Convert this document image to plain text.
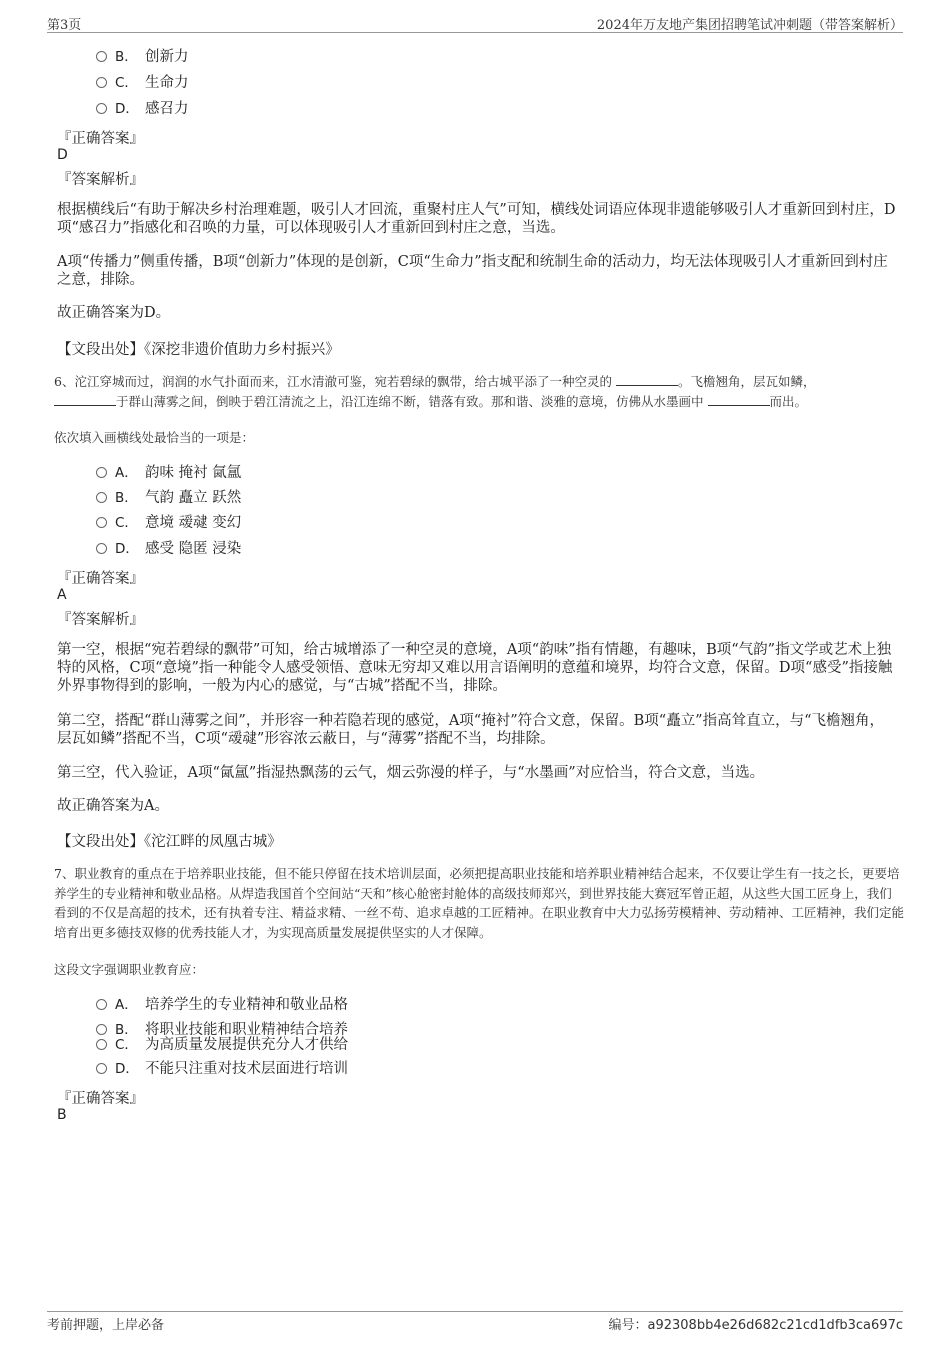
第3页	2024年万友地产集团招聘笔试冲刺题（带答案解析）
B． 创新力
C． 生命力
D． 感召力
『正确答案』
D
『答案解析』

根据横线后“有助于解决乡村治理难题，吸引人才回流，重聚村庄人气”可知，横线处词语应体现非遗能够吸引人才重新回到村庄，D项“感召力”指感化和召唤的力量，可以体现吸引人才重新回到村庄之意，当选。

A项“传播力”侧重传播，B项“创新力”体现的是创新，C项“生命力”指支配和统制生命的活动力，均无法体现吸引人才重新回到村庄之意，排除。

故正确答案为D。

【文段出处】《深挖非遗价值助力乡村振兴》

6、沱江穿城而过，润润的水气扑面而来，江水清澈可鉴，宛若碧绿的飘带，给古城平添了一种空灵的	。飞檐翘角，层瓦如鳞，
于群山薄雾之间，倒映于碧江清流之上，沿江连绵不断，错落有致。那和谐、淡雅的意境，仿佛从水墨画中	而出。

依次填入画横线处最恰当的一项是：
A． 韵味 掩衬 氤氲
B． 气韵 矗立 跃然
C． 意境 叆叇 变幻
D． 感受 隐匿 浸染
『正确答案』
A
『答案解析』

第一空，根据“宛若碧绿的飘带”可知，给古城增添了一种空灵的意境，A项“韵味”指有情趣，有趣味，B项“气韵”指文学或艺术上独特的风格，C项“意境”指一种能令人感受领悟、意味无穷却又难以用言语阐明的意蕴和境界，均符合文意，保留。D项“感受”指接触外界事物得到的影响，一般为内心的感觉，与“古城”搭配不当，排除。

第二空，搭配“群山薄雾之间”，并形容一种若隐若现的感觉，A项“掩衬”符合文意，保留。B项“矗立”指高耸直立，与“飞檐翘角，层瓦如鳞”搭配不当，C项“叆叇”形容浓云蔽日，与“薄雾”搭配不当，均排除。

第三空，代入验证，A项“氤氲”指湿热飘荡的云气，烟云弥漫的样子，与“水墨画”对应恰当，符合文意，当选。

故正确答案为A。

【文段出处】《沱江畔的凤凰古城》

7、职业教育的重点在于培养职业技能，但不能只停留在技术培训层面，必须把提高职业技能和培养职业精神结合起来，不仅要让学生有一技之长，更要培养学生的专业精神和敬业品格。从焊造我国首个空间站“天和”核心舱密封舱体的高级技师郑兴，到世界技能大赛冠军曾正超，从这些大国工匠身上，我们看到的不仅是高超的技术，还有执着专注、精益求精、一丝不苟、追求卓越的工匠精神。在职业教育中大力弘扬劳模精神、劳动精神、工匠精神，我们定能培育出更多德技双修的优秀技能人才，为实现高质量发展提供坚实的人才保障。

这段文字强调职业教育应：
A． 培养学生的专业精神和敬业品格
B． 将职业技能和职业精神结合培养
C． 为高质量发展提供充分人才供给
D． 不能只注重对技术层面进行培训
『正确答案』
B
考前押题，上岸必备	编号：a92308bb4e26d682c21cd1dfb3ca697c
